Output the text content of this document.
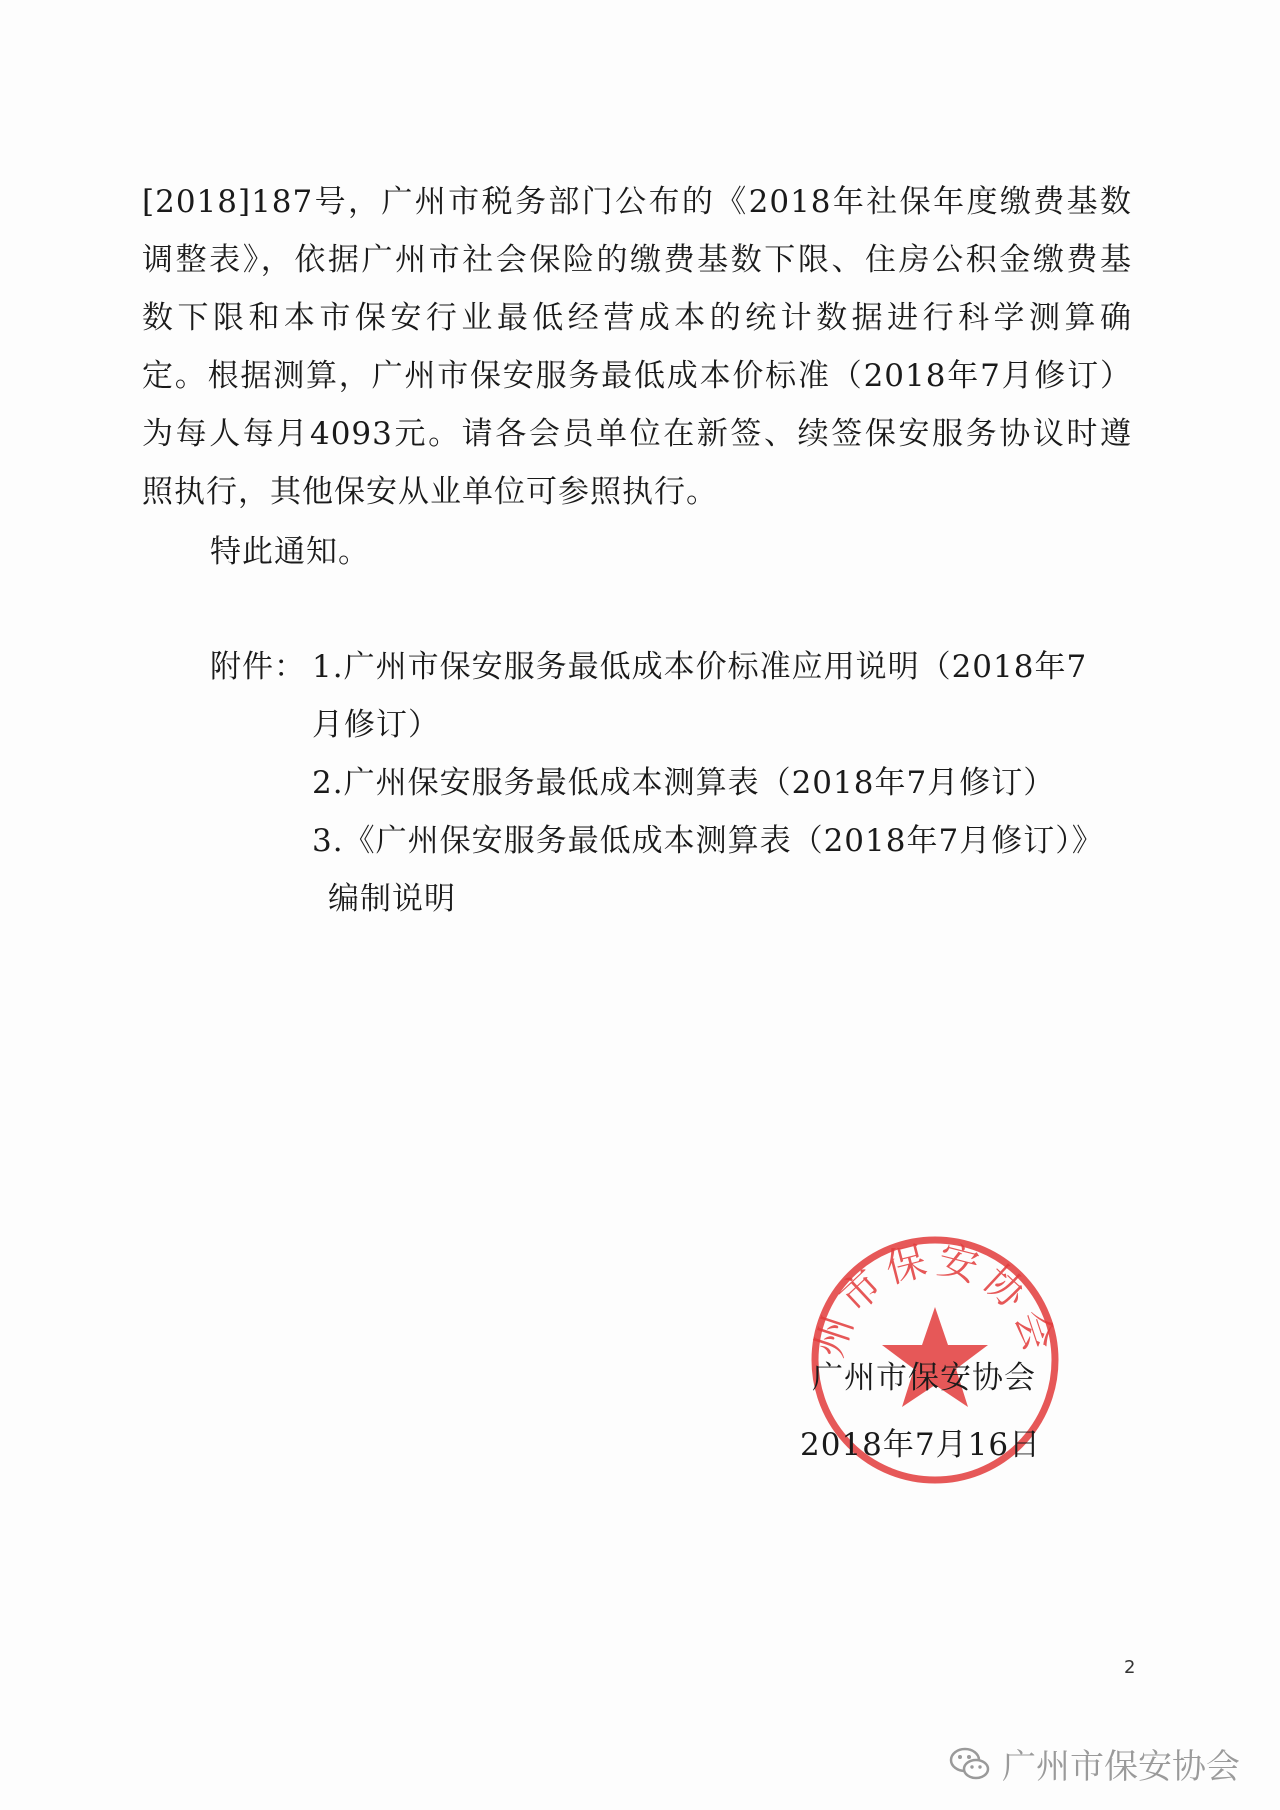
[2018]187号，广州市税务部门公布的《2018年社保年度缴费基数
调整表》，依据广州市社会保险的缴费基数下限、住房公积金缴费基
数下限和本市保安行业最低经营成本的统计数据进行科学测算确
定。根据测算，广州市保安服务最低成本价标准（2018年7月修订）
为每人每月4093元。请各会员单位在新签、续签保安服务协议时遵
照执行，其他保安从业单位可参照执行。
特此通知。
附件： 1.广州市保安服务最低成本价标准应用说明（2018年7
月修订）
2.广州保安服务最低成本测算表（2018年7月修订）
3.《广州保安服务最低成本测算表（2018年7月修订）》
编制说明
州市保安协会
广州市保安协会
2018年7月16日
2
广州市保安协会
